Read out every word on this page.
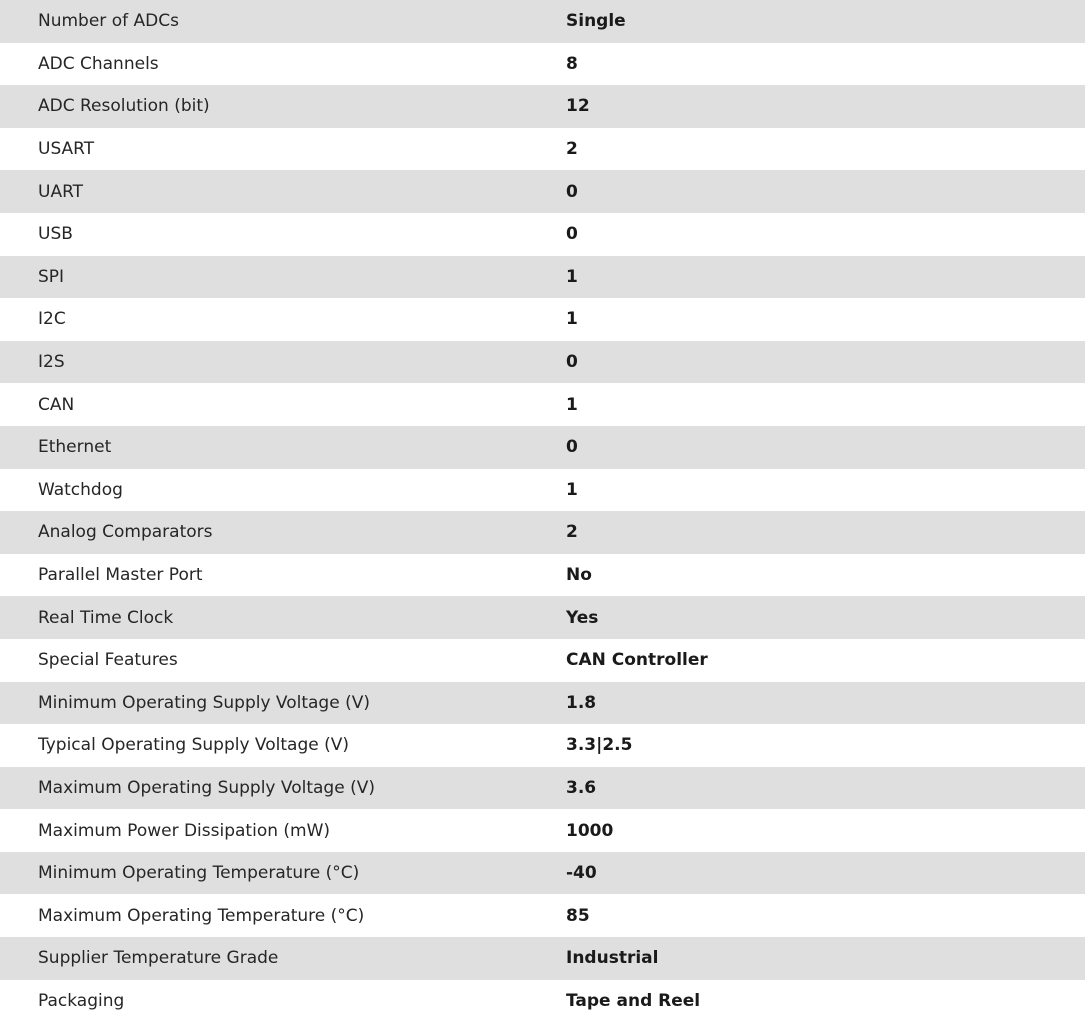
Number of ADCs	Single
ADC Channels	8
ADC Resolution (bit)	12
USART	2
UART	0
USB	0
SPI	1
I2C	1
I2S	0
CAN	1
Ethernet	0
Watchdog	1
Analog Comparators	2
Parallel Master Port	No
Real Time Clock	Yes
Special Features	CAN Controller
Minimum Operating Supply Voltage (V)	1.8
Typical Operating Supply Voltage (V)	3.3|2.5
Maximum Operating Supply Voltage (V)	3.6
Maximum Power Dissipation (mW)	1000
Minimum Operating Temperature (°C)	-40
Maximum Operating Temperature (°C)	85
Supplier Temperature Grade	Industrial
Packaging	Tape and Reel
